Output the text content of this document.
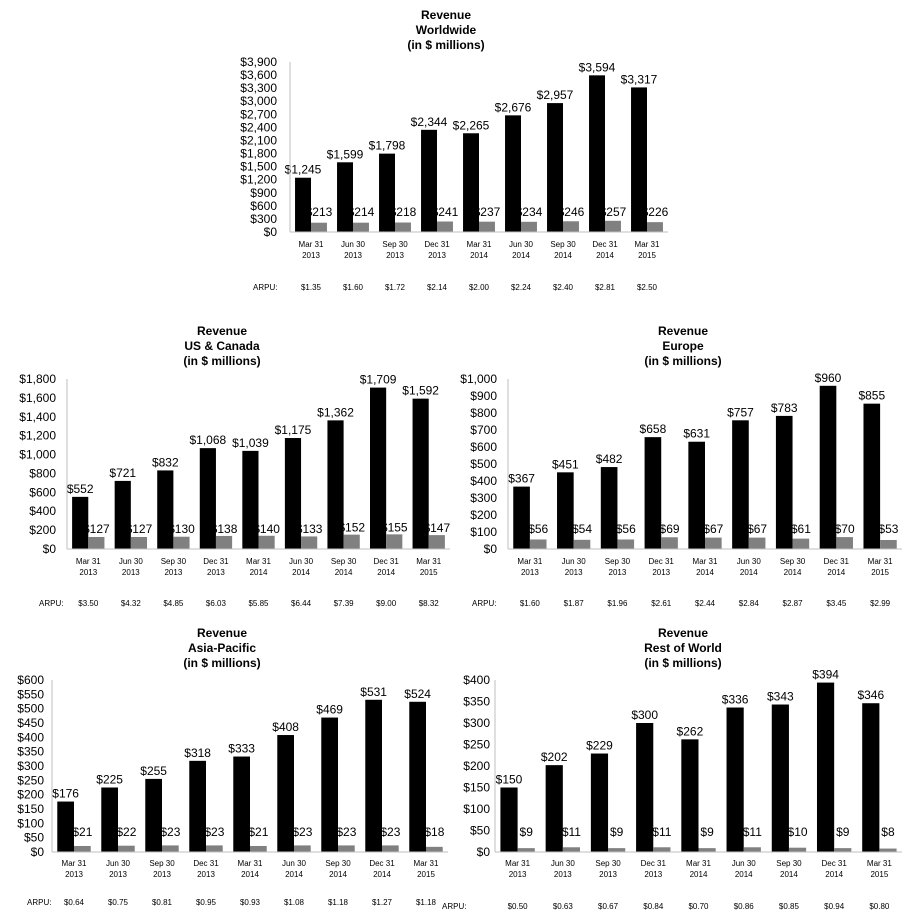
Revenue
Worldwide
(in $ millions)
$0
$300
$600
$900
$1,200
$1,500
$1,800
$2,100
$2,400
$2,700
$3,000
$3,300
$3,600
$3,900
$1,245
$213
Mar 31
2013
$1.35
$1,599
$214
Jun 30
2013
$1.60
$1,798
$218
Sep 30
2013
$1.72
$2,344
$241
Dec 31
2013
$2.14
$2,265
$237
Mar 31
2014
$2.00
$2,676
$234
Jun 30
2014
$2.24
$2,957
$246
Sep 30
2014
$2.40
$3,594
$257
Dec 31
2014
$2.81
$3,317
$226
Mar 31
2015
$2.50
ARPU:
Revenue
US & Canada
(in $ millions)
$0
$200
$400
$600
$800
$1,000
$1,200
$1,400
$1,600
$1,800
$552
$127
Mar 31
2013
$3.50
$721
$127
Jun 30
2013
$4.32
$832
$130
Sep 30
2013
$4.85
$1,068
$138
Dec 31
2013
$6.03
$1,039
$140
Mar 31
2014
$5.85
$1,175
$133
Jun 30
2014
$6.44
$1,362
$152
Sep 30
2014
$7.39
$1,709
$155
Dec 31
2014
$9.00
$1,592
$147
Mar 31
2015
$8.32
ARPU:
Revenue
Europe
(in $ millions)
$0
$100
$200
$300
$400
$500
$600
$700
$800
$900
$1,000
$367
$56
Mar 31
2013
$1.60
$451
$54
Jun 30
2013
$1.87
$482
$56
Sep 30
2013
$1.96
$658
$69
Dec 31
2013
$2.61
$631
$67
Mar 31
2014
$2.44
$757
$67
Jun 30
2014
$2.84
$783
$61
Sep 30
2014
$2.87
$960
$70
Dec 31
2014
$3.45
$855
$53
Mar 31
2015
$2.99
ARPU:
Revenue
Asia-Pacific
(in $ millions)
$0
$50
$100
$150
$200
$250
$300
$350
$400
$450
$500
$550
$600
$176
$21
Mar 31
2013
$0.64
$225
$22
Jun 30
2013
$0.75
$255
$23
Sep 30
2013
$0.81
$318
$23
Dec 31
2013
$0.95
$333
$21
Mar 31
2014
$0.93
$408
$23
Jun 30
2014
$1.08
$469
$23
Sep 30
2014
$1.18
$531
$23
Dec 31
2014
$1.27
$524
$18
Mar 31
2015
$1.18
ARPU:
Revenue
Rest of World
(in $ millions)
$0
$50
$100
$150
$200
$250
$300
$350
$400
$150
$9
Mar 31
2013
$0.50
$202
$11
Jun 30
2013
$0.63
$229
$9
Sep 30
2013
$0.67
$300
$11
Dec 31
2013
$0.84
$262
$9
Mar 31
2014
$0.70
$336
$11
Jun 30
2014
$0.86
$343
$10
Sep 30
2014
$0.85
$394
$9
Dec 31
2014
$0.94
$346
$8
Mar 31
2015
$0.80
ARPU:
